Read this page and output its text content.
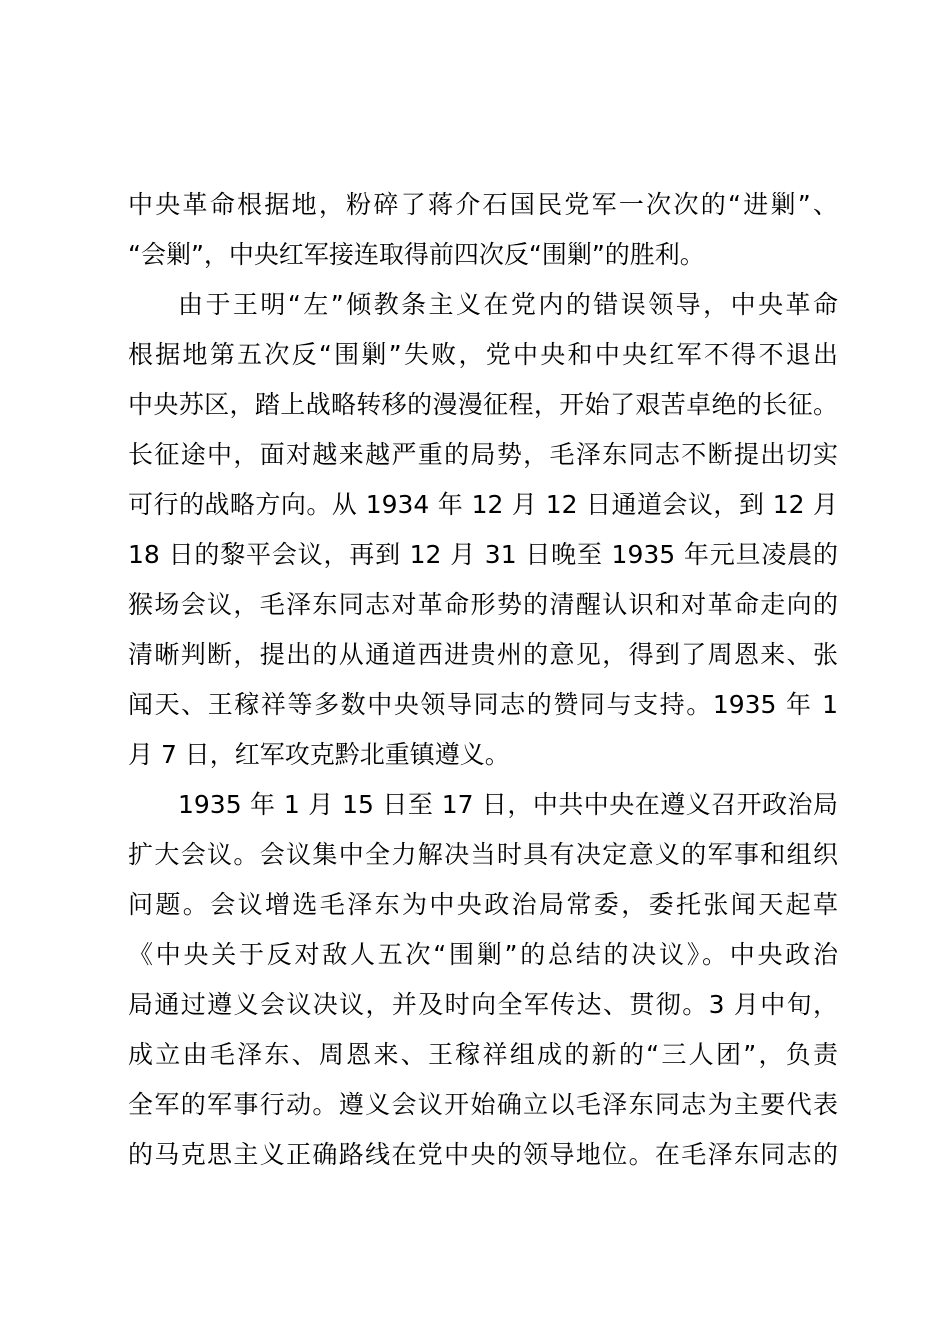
中央革命根据地，粉碎了蒋介石国民党军一次次的“进剿”、
“会剿”，中央红军接连取得前四次反“围剿”的胜利。
由于王明“左”倾教条主义在党内的错误领导，中央革命
根据地第五次反“围剿”失败，党中央和中央红军不得不退出
中央苏区，踏上战略转移的漫漫征程，开始了艰苦卓绝的长征。
长征途中，面对越来越严重的局势，毛泽东同志不断提出切实
可行的战略方向。从 1934 年 12 月 12 日通道会议，到 12 月
18 日的黎平会议，再到 12 月 31 日晚至 1935 年元旦凌晨的
猴场会议，毛泽东同志对革命形势的清醒认识和对革命走向的
清晰判断，提出的从通道西进贵州的意见，得到了周恩来、张
闻天、王稼祥等多数中央领导同志的赞同与支持。1935 年 1
月 7 日，红军攻克黔北重镇遵义。
1935 年 1 月 15 日至 17 日，中共中央在遵义召开政治局
扩大会议。会议集中全力解决当时具有决定意义的军事和组织
问题。会议增选毛泽东为中央政治局常委，委托张闻天起草
《中央关于反对敌人五次“围剿”的总结的决议》。中央政治
局通过遵义会议决议，并及时向全军传达、贯彻。3 月中旬，
成立由毛泽东、周恩来、王稼祥组成的新的“三人团”，负责
全军的军事行动。遵义会议开始确立以毛泽东同志为主要代表
的马克思主义正确路线在党中央的领导地位。在毛泽东同志的
